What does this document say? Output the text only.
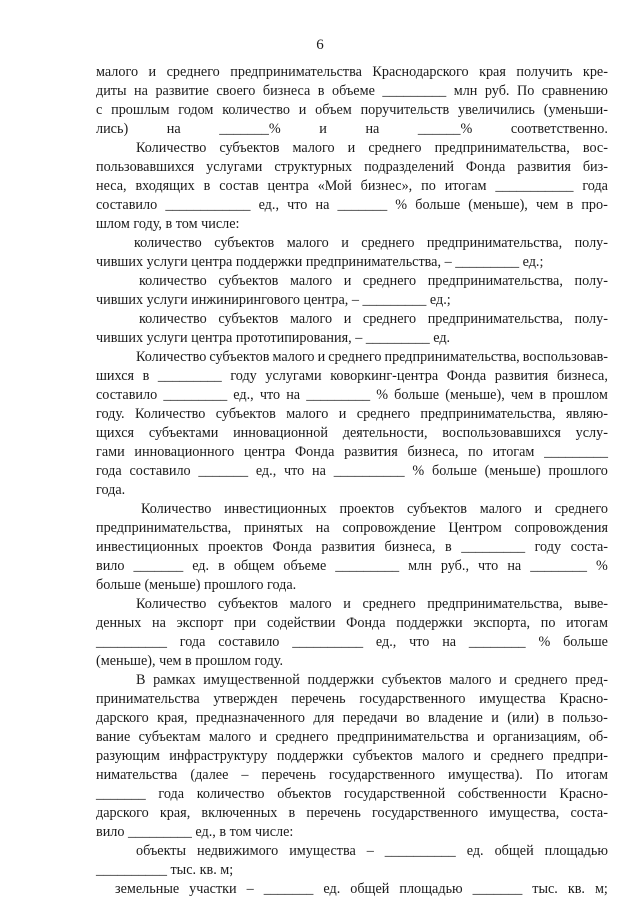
6
малого и среднего предпринимательства Краснодарского края получить кре-
диты на развитие своего бизнеса в объеме _________ млн руб. По сравнению
с прошлым годом количество и объем поручительств увеличились (уменьши-
лись)	на	_______%	и	на	______%	соответственно.
Количество субъектов малого и среднего предпринимательства, вос-
пользовавшихся услугами структурных подразделений Фонда развития биз-
неса, входящих в состав центра «Мой бизнес», по итогам ___________ года
составило ____________ ед., что на _______ % больше (меньше), чем в про-
шлом году, в том числе:
количество субъектов малого и среднего предпринимательства, полу-
чивших услуги центра поддержки предпринимательства, – _________ ед.;
количество субъектов малого и среднего предпринимательства, полу-
чивших услуги инжинирингового центра, – _________ ед.;
количество субъектов малого и среднего предпринимательства, полу-
чивших услуги центра прототипирования, – _________ ед.
Количество субъектов малого и среднего предпринимательства, воспользовав-
шихся в _________ году услугами коворкинг-центра Фонда развития бизнеса,
составило _________ ед., что на _________ % больше (меньше), чем в прошлом
году. Количество субъектов малого и среднего предпринимательства, являю-
щихся субъектами инновационной деятельности, воспользовавшихся услу-
гами инновационного центра Фонда развития бизнеса, по итогам _________
года составило _______ ед., что на __________ % больше (меньше) прошлого
года.
Количество инвестиционных проектов субъектов малого и среднего
предпринимательства, принятых на сопровождение Центром сопровождения
инвестиционных проектов Фонда развития бизнеса, в _________ году соста-
вило _______ ед. в общем объеме _________ млн руб., что на ________ %
больше (меньше) прошлого года.
Количество субъектов малого и среднего предпринимательства, выве-
денных на экспорт при содействии Фонда поддержки экспорта, по итогам
__________ года составило __________ ед., что на ________ % больше
(меньше), чем в прошлом году.
В рамках имущественной поддержки субъектов малого и среднего пред-
принимательства утвержден перечень государственного имущества Красно-
дарского края, предназначенного для передачи во владение и (или) в пользо-
вание субъектам малого и среднего предпринимательства и организациям, об-
разующим инфраструктуру поддержки субъектов малого и среднего предпри-
нимательства (далее – перечень государственного имущества). По итогам
_______ года количество объектов государственной собственности Красно-
дарского края, включенных в перечень государственного имущества, соста-
вило _________ ед., в том числе:
объекты недвижимого имущества – __________ ед. общей площадью
__________ тыс. кв. м;
земельные участки – _______ ед. общей площадью _______ тыс. кв. м;
